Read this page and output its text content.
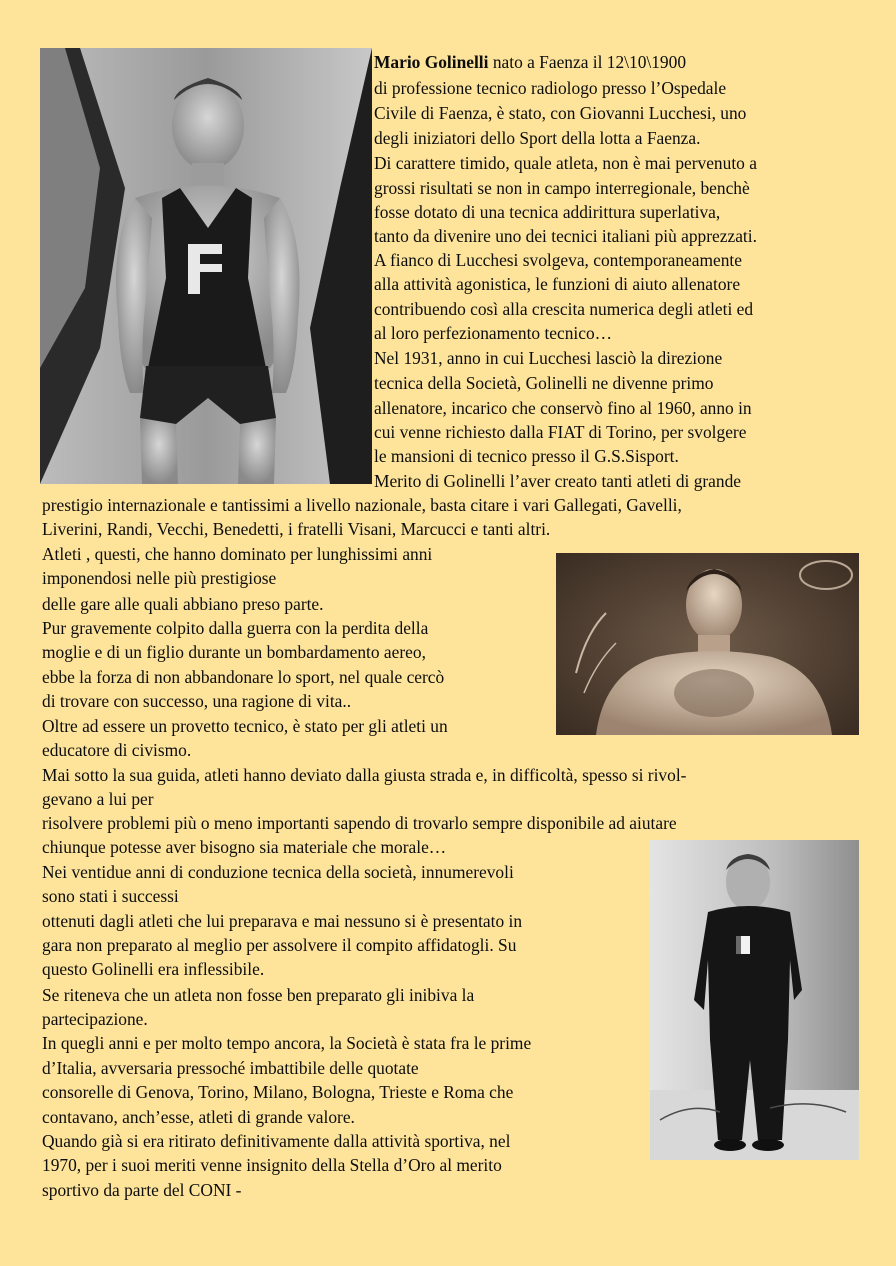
Mario Golinelli nato a Faenza il 12\10\1900
di professione tecnico radiologo presso l’Ospedale
Civile di Faenza, è stato, con Giovanni Lucchesi, uno
degli iniziatori dello Sport della lotta a Faenza.
Di carattere timido, quale atleta, non è mai pervenuto a
grossi risultati se non in campo interregionale, benchè
fosse dotato di una tecnica addirittura superlativa,
tanto da divenire uno dei tecnici italiani più apprezzati.
A fianco di Lucchesi svolgeva, contemporaneamente
alla attività agonistica, le funzioni di aiuto allenatore
contribuendo così alla crescita numerica degli atleti ed
al loro perfezionamento tecnico…
Nel 1931, anno in cui Lucchesi lasciò la direzione
tecnica della Società, Golinelli ne divenne primo
allenatore, incarico che conservò fino al 1960, anno in
cui venne richiesto dalla FIAT di Torino, per svolgere
le mansioni di tecnico presso il G.S.Sisport.
Merito di Golinelli l’aver creato tanti atleti di grande
prestigio internazionale e tantissimi a livello nazionale, basta citare i vari Gallegati, Gavelli,
Liverini, Randi, Vecchi, Benedetti, i fratelli Visani, Marcucci e tanti altri.
Atleti , questi, che hanno dominato per lunghissimi anni
imponendosi nelle più prestigiose
delle gare alle quali abbiano preso parte.
Pur gravemente colpito dalla guerra con la perdita della
moglie e di un figlio durante un bombardamento aereo,
ebbe la forza di non abbandonare lo sport, nel quale cercò
di trovare con successo, una ragione di vita..
Oltre ad essere un provetto tecnico, è stato per gli atleti un
educatore di civismo.
Mai sotto la sua guida, atleti hanno deviato dalla giusta strada e, in difficoltà, spesso si rivol-
gevano a lui per
risolvere problemi più o meno importanti sapendo di trovarlo sempre disponibile ad aiutare
chiunque potesse aver bisogno sia materiale che morale…
Nei ventidue anni di conduzione tecnica della società, innumerevoli
sono stati i successi
ottenuti dagli atleti che lui preparava e mai nessuno si è presentato in
gara non preparato al meglio per assolvere il compito affidatogli. Su
questo Golinelli era inflessibile.
Se riteneva che un atleta non fosse ben preparato gli inibiva la
partecipazione.
In quegli anni e per molto tempo ancora, la Società è stata fra le prime
d’Italia, avversaria pressoché imbattibile delle quotate
consorelle di Genova, Torino, Milano, Bologna, Trieste e Roma che
contavano, anch’esse, atleti di grande valore.
Quando già si era ritirato definitivamente dalla attività sportiva, nel
1970, per i suoi meriti venne insignito della Stella d’Oro al merito
sportivo da parte del CONI -
